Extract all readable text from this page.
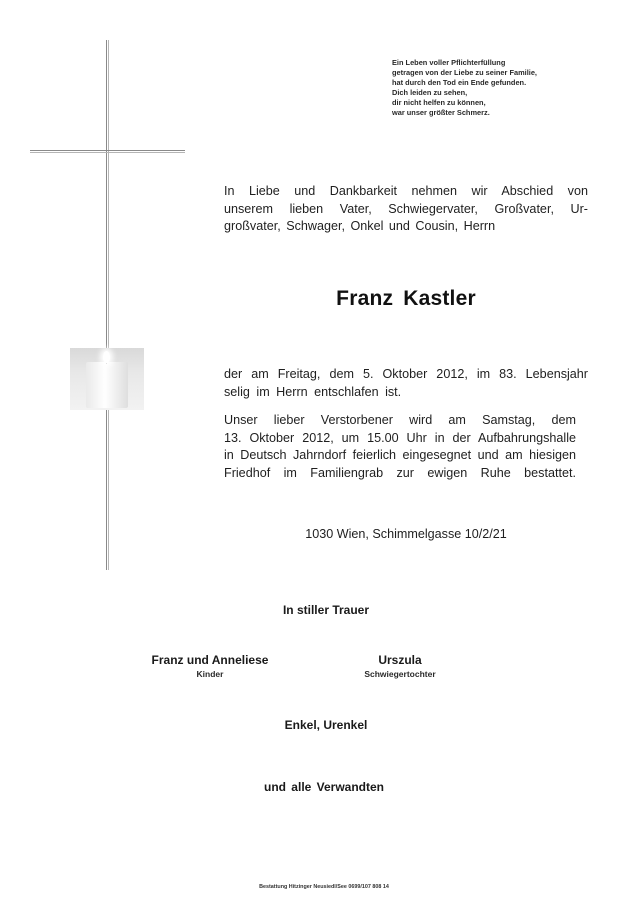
Ein Leben voller Pflichterfüllung
getragen von der Liebe zu seiner Familie,
hat durch den Tod ein Ende gefunden.
Dich leiden zu sehen,
dir nicht helfen zu können,
war unser größter Schmerz.
In Liebe und Dankbarkeit nehmen wir Abschied von
unserem lieben Vater, Schwiegervater, Großvater, Ur-
großvater, Schwager, Onkel und Cousin, Herrn
Franz Kastler
der am Freitag, dem 5. Oktober 2012, im 83. Lebensjahr
selig im Herrn entschlafen ist.
Unser lieber Verstorbener wird am Samstag, dem
13. Oktober 2012, um 15.00 Uhr in der Aufbahrungshalle
in Deutsch Jahrndorf feierlich eingesegnet und am hiesigen
Friedhof im Familiengrab zur ewigen Ruhe bestattet.
1030 Wien, Schimmelgasse 10/2/21
In stiller Trauer
Franz und Anneliese
Kinder
Urszula
Schwiegertochter
Enkel, Urenkel
und alle Verwandten
Bestattung Hitzinger Neusiedl/See 0699/107 808 14
